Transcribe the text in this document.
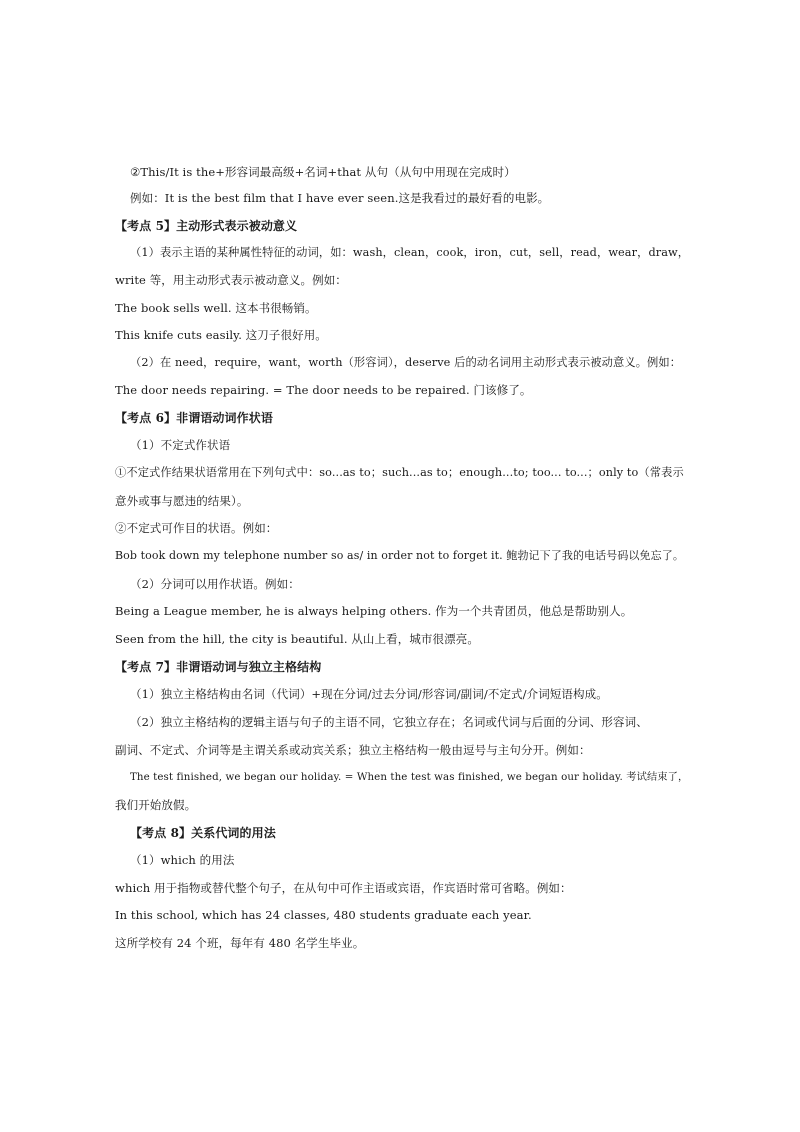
②This/It is the+形容词最高级+名词+that 从句（从句中用现在完成时）
例如：It is the best film that I have ever seen.这是我看过的最好看的电影。
【考点 5】主动形式表示被动意义
（1）表示主语的某种属性特征的动词，如：wash，clean，cook，iron，cut，sell，read，wear，draw，
write 等，用主动形式表示被动意义。例如：
The book sells well. 这本书很畅销。
This knife cuts easily. 这刀子很好用。
（2）在 need，require，want，worth（形容词），deserve 后的动名词用主动形式表示被动意义。例如：
The door needs repairing. = The door needs to be repaired. 门该修了。
【考点 6】非谓语动词作状语
（1）不定式作状语
①不定式作结果状语常用在下列句式中：so...as to；such...as to；enough...to; too... to...；only to（常表示
意外或事与愿违的结果）。
②不定式可作目的状语。例如：
Bob took down my telephone number so as/ in order not to forget it. 鲍勃记下了我的电话号码以免忘了。
（2）分词可以用作状语。例如：
Being a League member, he is always helping others. 作为一个共青团员，他总是帮助别人。
Seen from the hill, the city is beautiful. 从山上看，城市很漂亮。
【考点 7】非谓语动词与独立主格结构
（1）独立主格结构由名词（代词）+现在分词/过去分词/形容词/副词/不定式/介词短语构成。
（2）独立主格结构的逻辑主语与句子的主语不同，它独立存在；名词或代词与后面的分词、形容词、
副词、不定式、介词等是主谓关系或动宾关系；独立主格结构一般由逗号与主句分开。例如：
The test finished, we began our holiday. = When the test was finished, we began our holiday. 考试结束了，
我们开始放假。
【考点 8】关系代词的用法
（1）which 的用法
which 用于指物或替代整个句子，在从句中可作主语或宾语，作宾语时常可省略。例如：
In this school, which has 24 classes, 480 students graduate each year.
这所学校有 24 个班，每年有 480 名学生毕业。
